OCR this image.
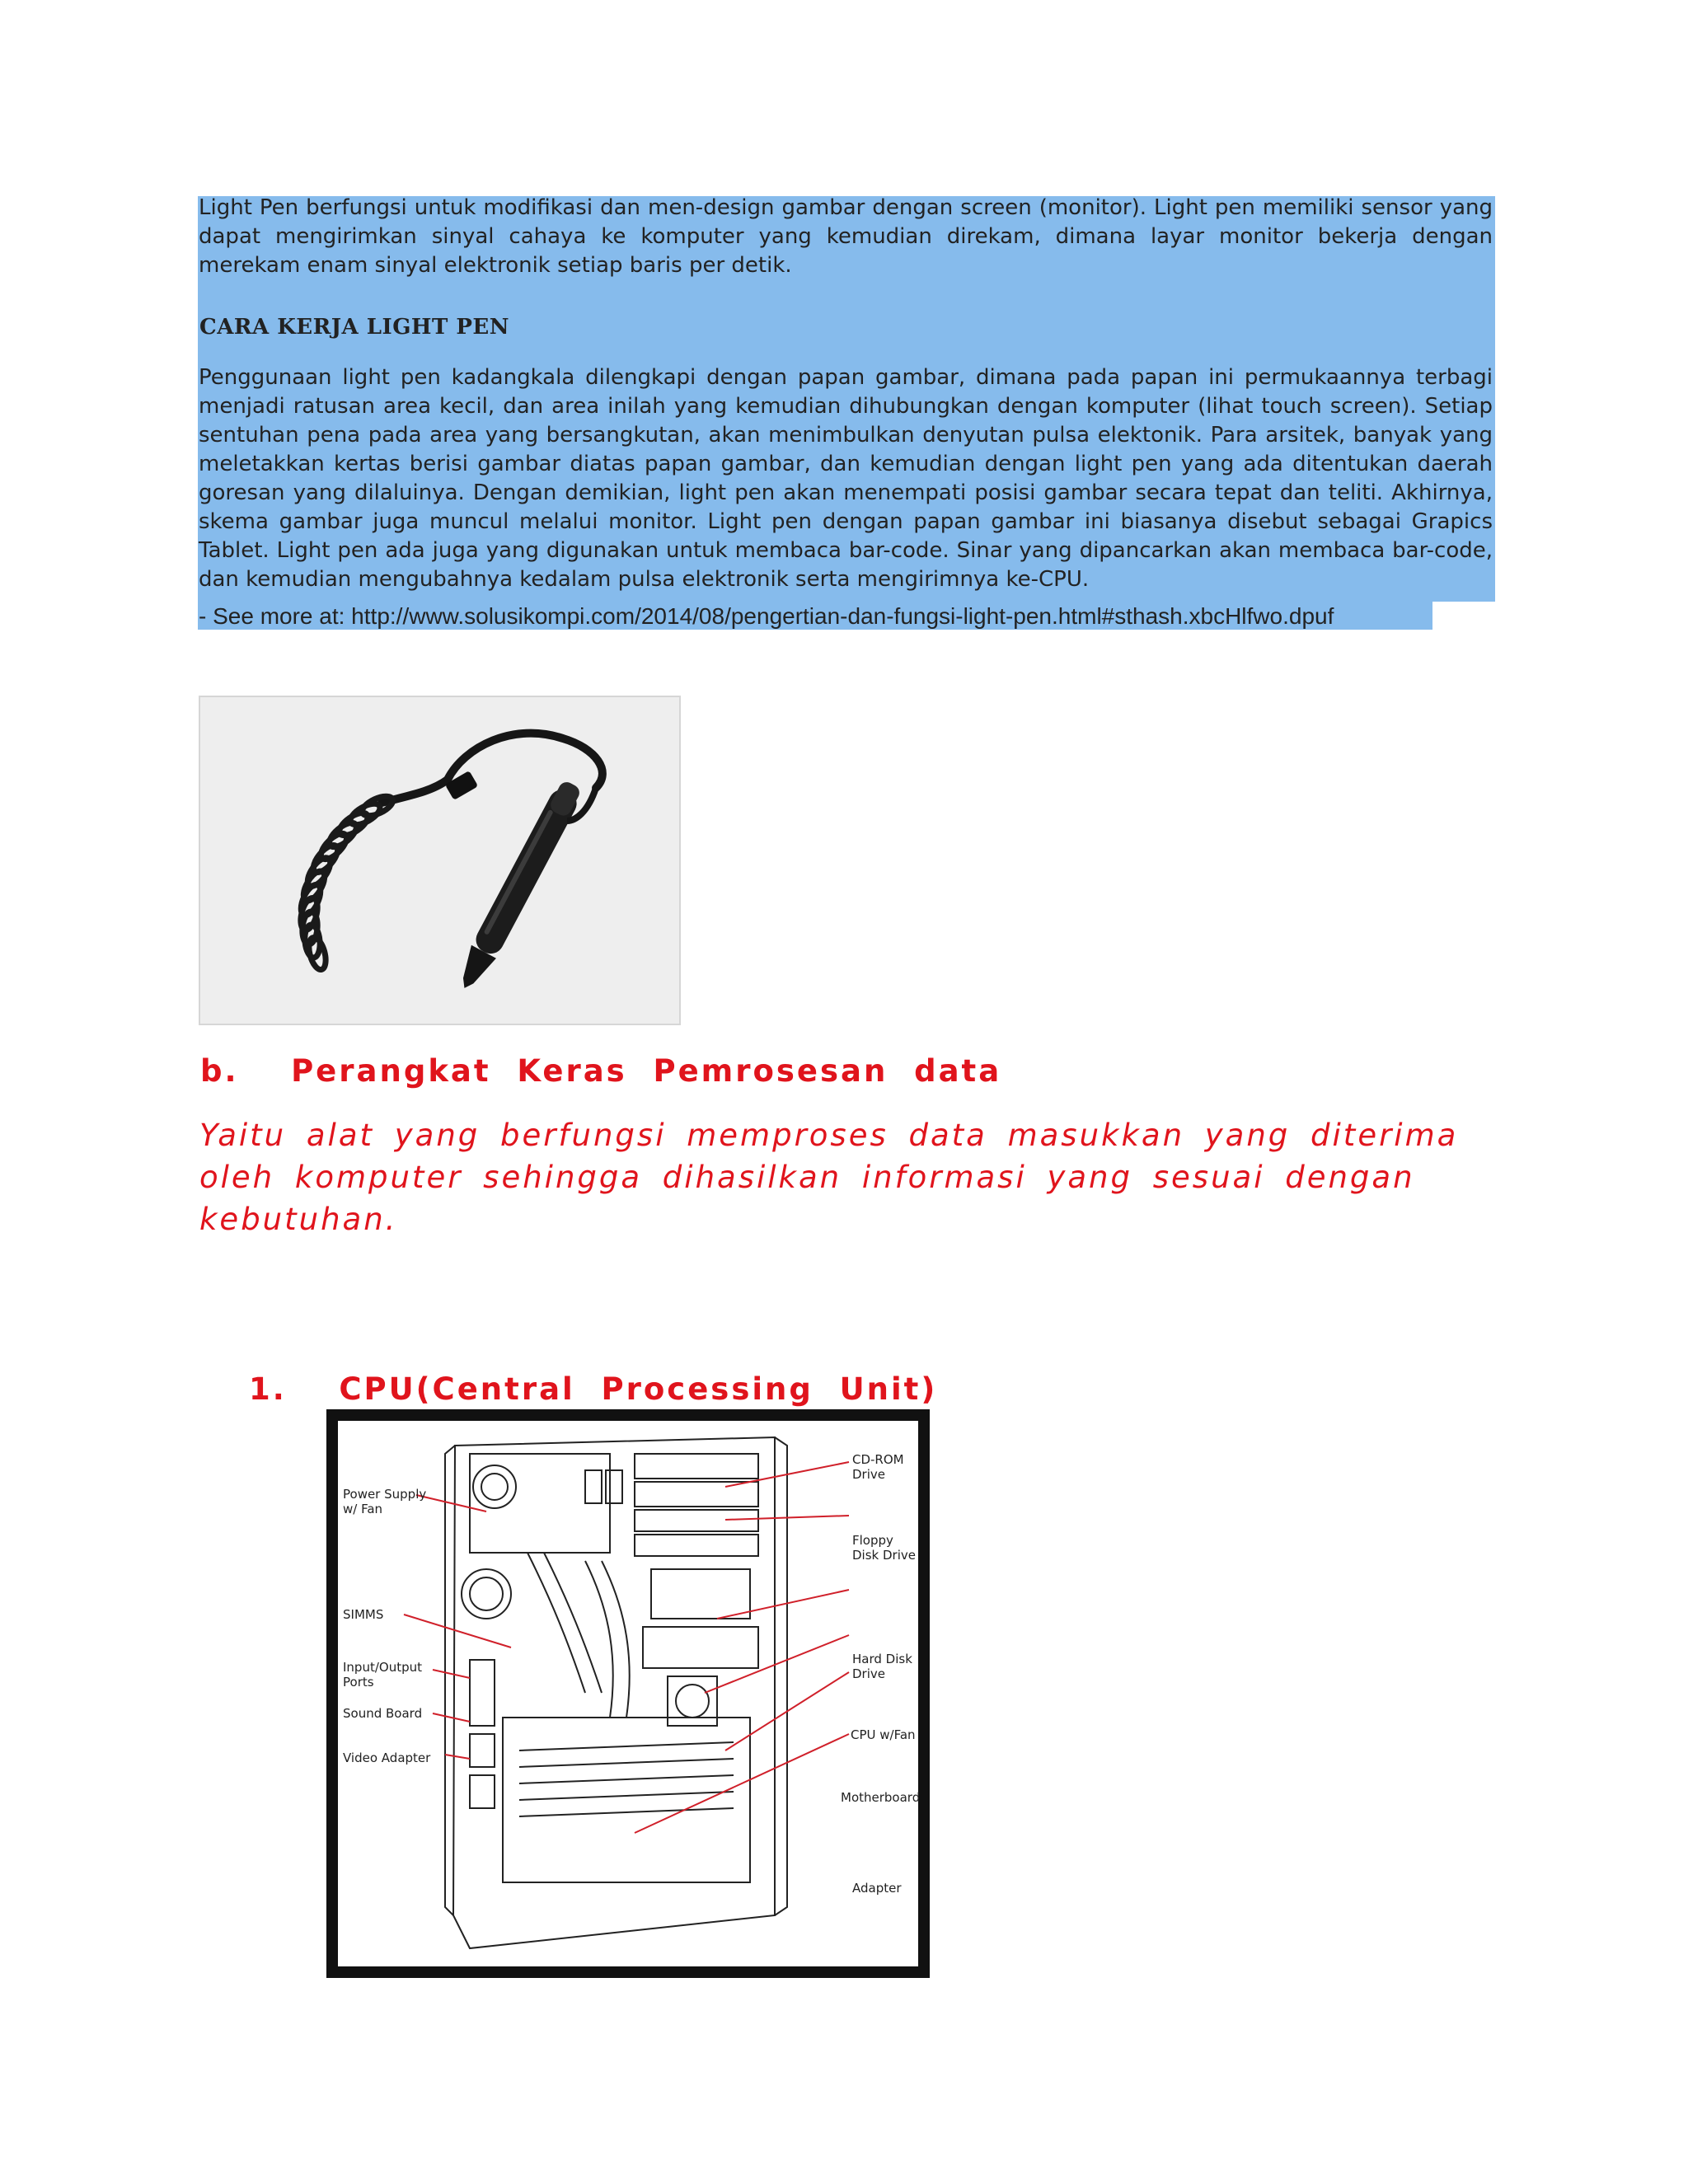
Light Pen berfungsi untuk modifikasi dan men-design gambar dengan screen (monitor). Light pen memiliki sensor yang dapat mengirimkan sinyal cahaya ke komputer yang kemudian direkam, dimana layar monitor bekerja dengan merekam enam sinyal elektronik setiap baris per detik.
CARA KERJA LIGHT PEN
Penggunaan light pen kadangkala dilengkapi dengan papan gambar, dimana pada papan ini permukaannya terbagi menjadi ratusan area kecil, dan area inilah yang kemudian dihubungkan dengan komputer (lihat touch screen). Setiap sentuhan pena pada area yang bersangkutan, akan menimbulkan denyutan pulsa elektonik. Para arsitek, banyak yang meletakkan kertas berisi gambar diatas papan gambar, dan kemudian dengan light pen yang ada ditentukan daerah goresan yang dilaluinya. Dengan demikian, light pen akan menempati posisi gambar secara tepat dan teliti. Akhirnya, skema gambar juga muncul melalui monitor. Light pen dengan papan gambar ini biasanya disebut sebagai Grapics Tablet. Light pen ada juga yang digunakan untuk membaca bar-code. Sinar yang dipancarkan akan membaca bar-code, dan kemudian mengubahnya kedalam pulsa elektronik serta mengirimnya ke-CPU.
- See more at: http://www.solusikompi.com/2014/08/pengertian-dan-fungsi-light-pen.html#sthash.xbcHlfwo.dpuf
b.    Perangkat  Keras  Pemrosesan  data
Yaitu alat yang berfungsi memproses data masukkan yang diterima oleh komputer sehingga dihasilkan informasi yang sesuai dengan kebutuhan.
1.    CPU(Central  Processing  Unit)
Power Supply
w/ Fan
SIMMS
Input/Output
Ports
Sound Board
Video Adapter
CD-ROM
Drive
Floppy
Disk Drive
Hard Disk
Drive
CPU w/Fan
Motherboard
Adapter
